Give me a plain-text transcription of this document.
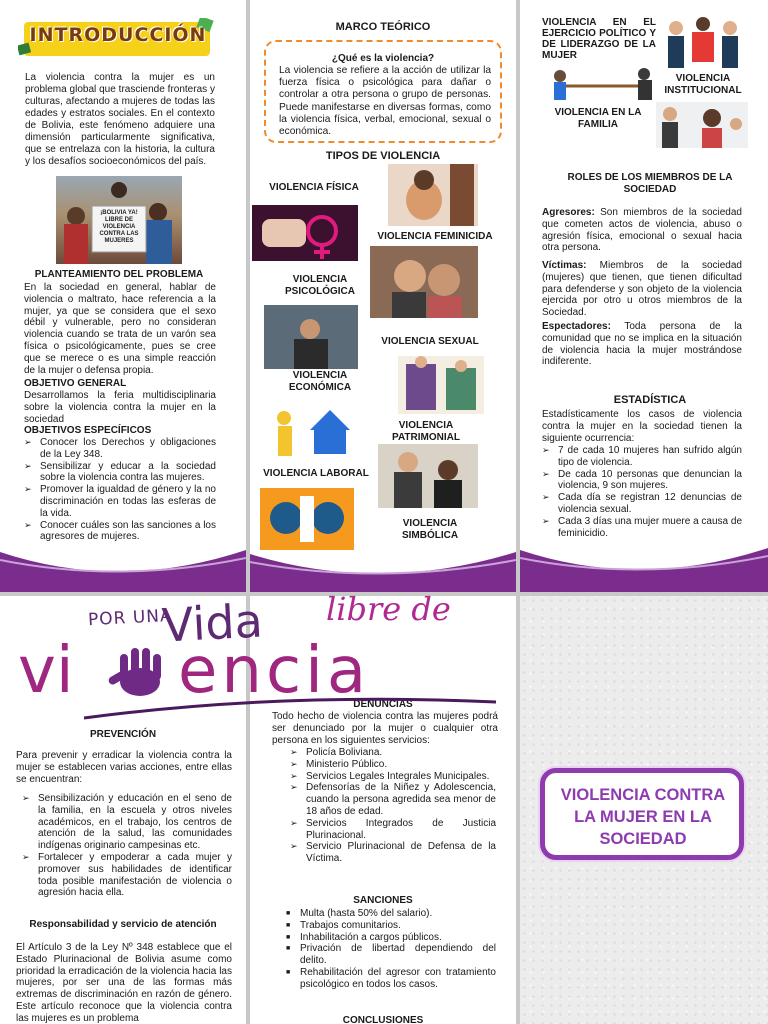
INTRODUCCIÓN
La violencia contra la mujer es un problema global que trasciende fronteras y culturas, afectando a mujeres de todas las edades y estratos sociales. En el contexto de Bolivia, este fenómeno adquiere una dimensión particularmente significativa, que se entrelaza con la historia, la cultura y los desafíos socioeconómicos del país.
¡BOLIVIA YA! LIBRE DE VIOLENCIA CONTRA LAS MUJERES
PLANTEAMIENTO DEL PROBLEMA
En la sociedad en general, hablar de violencia o maltrato, hace referencia a la mujer, ya que se considera que el sexo débil y vulnerable, pero no consideran violencia cuando se trata de un varón sea física o psicológicamente, pues se cree que se merece o es una simple reacción de la mujer o defensa propia.
OBJETIVO GENERAL
Desarrollamos la feria multidisciplinaria sobre la violencia contra la mujer en la sociedad
OBJETIVOS ESPECÍFICOS
➢ Conocer los Derechos y obligaciones de la Ley 348.
➢ Sensibilizar y educar a la sociedad sobre la violencia contra las mujeres.
➢ Promover la igualdad de género y la no discriminación en todas las esferas de la vida.
➢ Conocer cuáles son las sanciones a los agresores de mujeres.
MARCO TEÓRICO
¿Qué es la violencia?
La violencia se refiere a la acción de utilizar la fuerza física o psicológica para dañar o controlar a otra persona o grupo de personas. Puede manifestarse en diversas formas, como la violencia física, verbal, emocional, sexual o económica.
TIPOS DE VIOLENCIA
VIOLENCIA FÍSICA
VIOLENCIA FEMINICIDA
VIOLENCIA PSICOLÓGICA
VIOLENCIA SEXUAL
VIOLENCIA ECONÓMICA
VIOLENCIA PATRIMONIAL
VIOLENCIA LABORAL
VIOLENCIA SIMBÓLICA
VIOLENCIA EN EL EJERCICIO POLÍTICO Y DE LIDERAZGO DE LA MUJER
VIOLENCIA INSTITUCIONAL
VIOLENCIA EN LA FAMILIA
ROLES DE LOS MIEMBROS DE LA SOCIEDAD
Agresores: Son miembros de la sociedad que cometen actos de violencia, abuso o agresión física, emocional o sexual hacia otra persona.
Víctimas: Miembros de la sociedad (mujeres) que tienen, que tienen dificultad para defenderse y son objeto de la violencia ejercida por otro u otros miembros de la Sociedad.
Espectadores: Toda persona de la comunidad que no se implica en la situación de violencia hacia la mujer mostrándose indiferente.
ESTADÍSTICA
Estadísticamente los casos de violencia contra la mujer en la sociedad tienen la siguiente ocurrencia:
➢ 7 de cada 10 mujeres han sufrido algún tipo de violencia.
➢ De cada 10 personas que denuncian la violencia, 9 son mujeres.
➢ Cada día se registran 12 denuncias de violencia sexual.
➢ Cada 3 días una mujer muere a causa de feminicidio.
PREVENCIÓN
Para prevenir y erradicar la violencia contra la mujer se establecen varias acciones, entre ellas se encuentran:
➢ Sensibilización y educación en el seno de la familia, en la escuela y otros niveles académicos, en el trabajo, los centros de atención de la salud, las comunidades indígenas originario campesinas etc.
➢ Fortalecer y empoderar a cada mujer y promover sus habilidades de identificar toda posible manifestación de violencia o agresión hacia ella.
Responsabilidad y servicio de atención
El Artículo 3 de la Ley Nº 348 establece que el Estado Plurinacional de Bolivia asume como prioridad la erradicación de la violencia hacia las mujeres, por ser una de las formas más extremas de discriminación en razón de género. Este artículo reconoce que la violencia contra las mujeres es un problema
DENUNCIAS
Todo hecho de violencia contra las mujeres podrá ser denunciado por la mujer o cualquier otra persona en los siguientes servicios:
➢ Policía Boliviana.
➢ Ministerio Público.
➢ Servicios Legales Integrales Municipales.
➢ Defensorías de la Niñez y Adolescencia, cuando la persona agredida sea menor de 18 años de edad.
➢ Servicios Integrados de Justicia Plurinacional.
➢ Servicio Plurinacional de Defensa de la Víctima.
SANCIONES
■ Multa (hasta 50% del salario).
■ Trabajos comunitarios.
■ Inhabilitación a cargos públicos.
■ Privación de libertad dependiendo del delito.
■ Rehabilitación del agresor con tratamiento psicológico en todos los casos.
CONCLUSIONES
POR UNA
Vida libre de
vi encia
VIOLENCIA CONTRA LA MUJER EN LA SOCIEDAD
